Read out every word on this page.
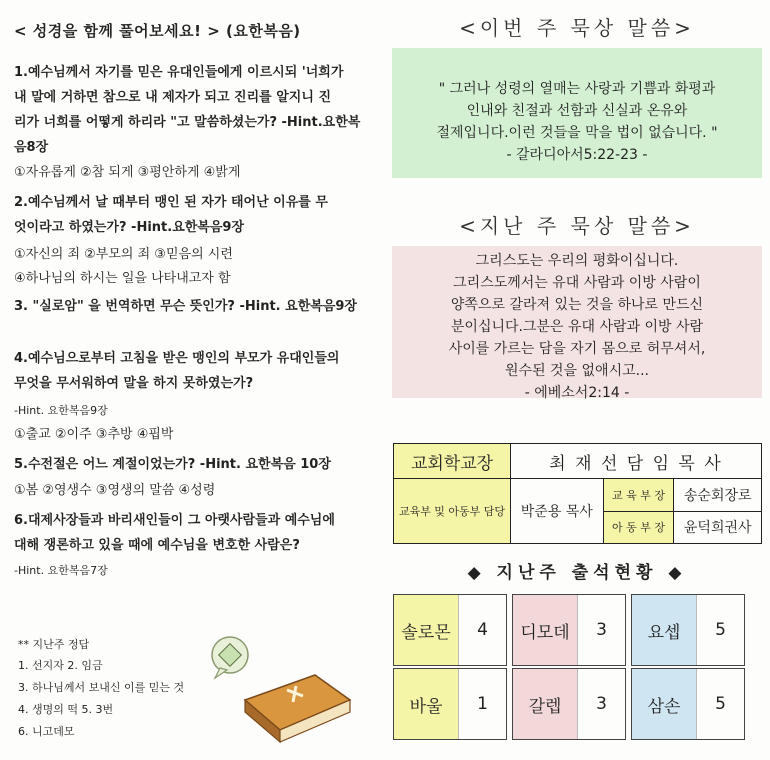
< 성경을 함께 풀어보세요! > (요한복음)
1.예수님께서 자기를 믿은 유대인들에게 이르시되 '너희가
내 말에 거하면 참으로 내 제자가 되고 진리를 알지니 진
리가 너희를 어떻게 하리라 "고 말씀하셨는가? -Hint.요한복
음8장
①자유롭게 ②참 되게 ③평안하게 ④밝게
2.예수님께서 날 때부터 맹인 된 자가 태어난 이유를 무
엇이라고 하였는가? -Hint.요한복음9장
①자신의 죄 ②부모의 죄 ③믿음의 시련
④하나님의 하시는 일을 나타내고자 함
3. "실로암" 을 번역하면 무슨 뜻인가? -Hint. 요한복음9장
4.예수님으로부터 고침을 받은 맹인의 부모가 유대인들의
무엇을 무서워하여 말을 하지 못하였는가?
-Hint. 요한복음9장
①출교 ②이주 ③추방 ④핍박
5.수전절은 어느 계절이었는가? -Hint. 요한복음 10장
①봄 ②영생수 ③영생의 말씀 ④성령
6.대제사장들과 바리새인들이 그 아랫사람들과 예수님에
대해 쟁론하고 있을 때에 예수님을 변호한 사람은?
-Hint. 요한복음7장
** 지난주 정답
1. 선지자 2. 임금
3. 하나님께서 보내신 이를 믿는 것
4. 생명의 떡 5. 3번
6. 니고데모
<이번 주 묵상 말씀>
" 그러나 성령의 열매는 사랑과 기쁨과 화평과
인내와 친절과 선함과 신실과 온유와
절제입니다.이런 것들을 막을 법이 없습니다. "
- 갈라디아서5:22-23 -
<지난 주 묵상 말씀>
그리스도는 우리의 평화이십니다.
그리스도께서는 유대 사람과 이방 사람이
양쪽으로 갈라져 있는 것을 하나로 만드신
분이십니다.그분은 유대 사람과 이방 사람
사이를 가르는 담을 자기 몸으로 허무셔서,
원수된 것을 없애시고...
- 에베소서2:14 -
교회학교장	최 재 선 담 임 목 사		
교육부 및 아동부 담당	박준용 목사	교 육 부 장	송순회장로
		아 동 부 장	윤덕희권사
◆ 지난주 출석현황 ◆
솔로몬	4	디모데	3	요셉	5
바울	1	갈렙	3	삼손	5
